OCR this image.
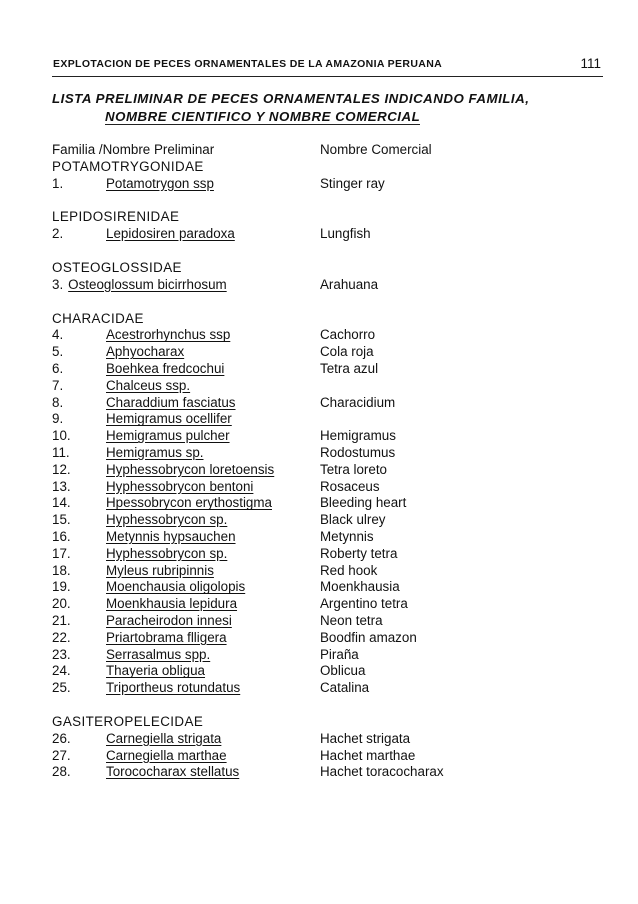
EXPLOTACION DE PECES ORNAMENTALES DE LA AMAZONIA PERUANA	111
LISTA PRELIMINAR DE PECES ORNAMENTALES INDICANDO FAMILIA,
NOMBRE CIENTIFICO Y NOMBRE COMERCIAL
Familia /Nombre Preliminar	Nombre Comercial
POTAMOTRYGONIDAE
1.	Potamotrygon ssp	Stinger ray
LEPIDOSIRENIDAE
2.	Lepidosiren paradoxa	Lungfish
OSTEOGLOSSIDAE
3. Osteoglossum bicirrhosum	Arahuana
CHARACIDAE
4.	Acestrorhynchus ssp	Cachorro
5.	Aphyocharax	Cola roja
6.	Boehkea fredcochui	Tetra azul
7.	Chalceus ssp.
8.	Charaddium fasciatus	Characidium
9.	Hemigramus ocellifer
10.	Hemigramus pulcher	Hemigramus
11.	Hemigramus sp.	Rodostumus
12.	Hyphessobrycon loretoensis	Tetra loreto
13.	Hyphessobrycon bentoni	Rosaceus
14.	Hpessobrycon erythostigma	Bleeding heart
15.	Hyphessobrycon sp.	Black ulrey
16.	Metynnis hypsauchen	Metynnis
17.	Hyphessobrycon sp.	Roberty tetra
18.	Myleus rubripinnis	Red hook
19.	Moenchausia oligolopis	Moenkhausia
20.	Moenkhausia lepidura	Argentino tetra
21.	Paracheirodon innesi	Neon tetra
22.	Priartobrama flligera	Boodfin amazon
23.	Serrasalmus spp.	Piraña
24.	Thayeria obligua	Oblicua
25.	Triportheus rotundatus	Catalina
GASITEROPELECIDAE
26.	Carnegiella strigata	Hachet strigata
27.	Carnegiella marthae	Hachet marthae
28.	Torococharax stellatus	Hachet toracocharax
